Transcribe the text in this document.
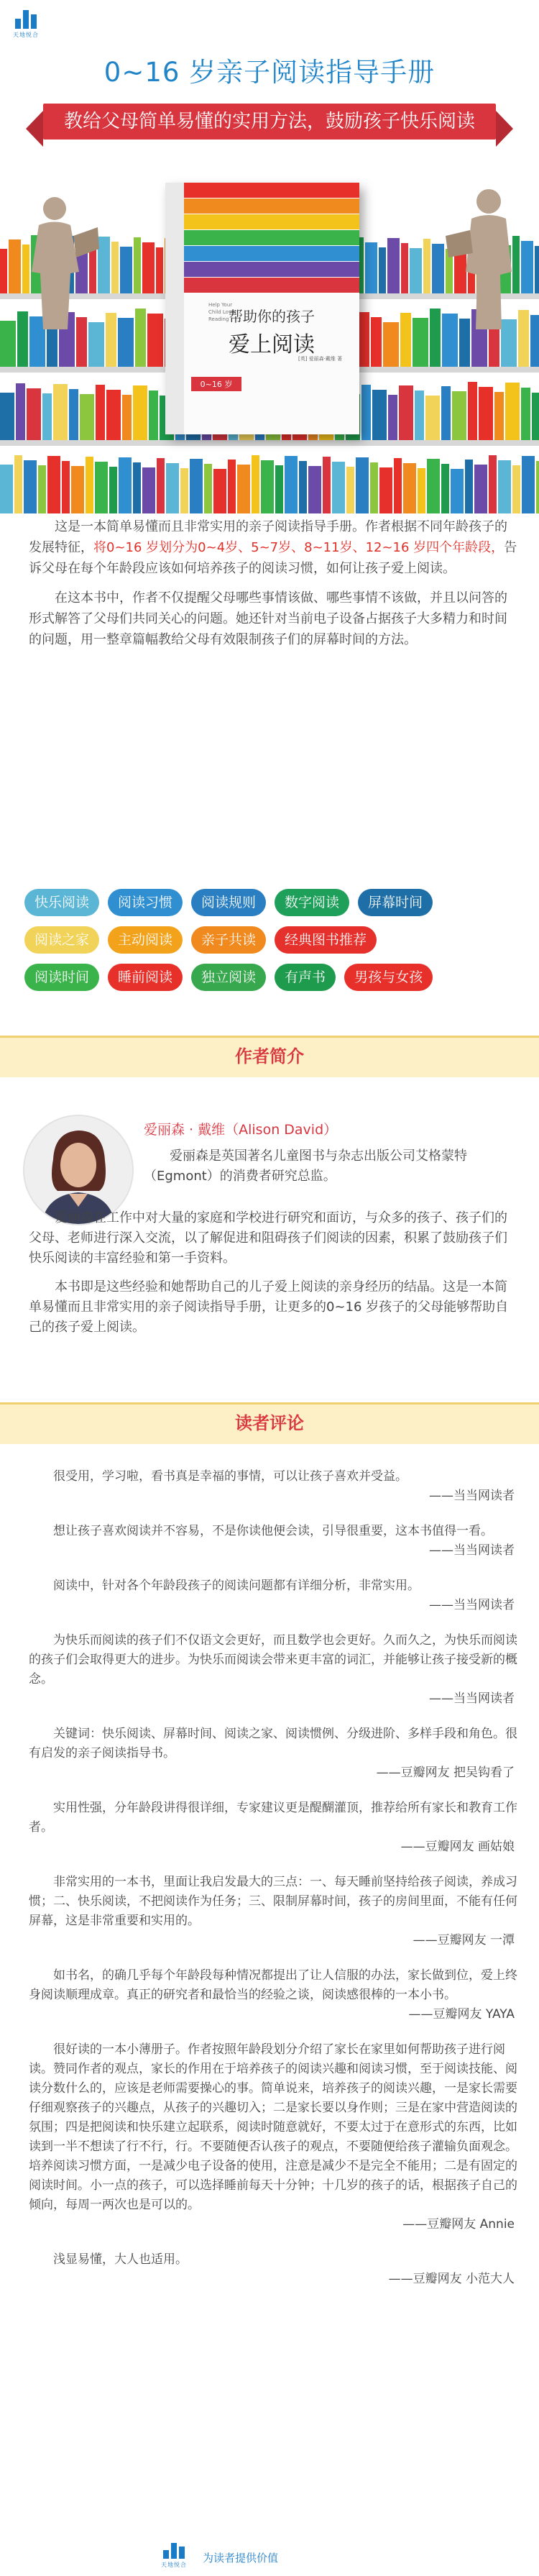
天地悦合
0~16 岁亲子阅读指导手册
教给父母简单易懂的实用方法，鼓励孩子快乐阅读
Help Your Child Love Reading 帮助你的孩子
爱上阅读
[英] 爱丽森·戴维 著
0~16 岁

这是一本简单易懂而且非常实用的亲子阅读指导手册。作者根据不同年龄孩子的发展特征，将0~16 岁划分为0~4岁、5~7岁、8~11岁、12~16 岁四个年龄段，告诉父母在每个年龄段应该如何培养孩子的阅读习惯，如何让孩子爱上阅读。

在这本书中，作者不仅提醒父母哪些事情该做、哪些事情不该做，并且以问答的形式解答了父母们共同关心的问题。她还针对当前电子设备占据孩子大多精力和时间的问题，用一整章篇幅教给父母有效限制孩子们的屏幕时间的方法。

快乐阅读	阅读习惯	阅读规则	数字阅读	屏幕时间
阅读之家	主动阅读	亲子共读	经典图书推荐
阅读时间	睡前阅读	独立阅读	有声书	男孩与女孩
作者简介
爱丽森 · 戴维（Alison David）
爱丽森是英国著名儿童图书与杂志出版公司艾格蒙特（Egmont）的消费者研究总监。

爱丽森在工作中对大量的家庭和学校进行研究和面访，与众多的孩子、孩子们的父母、老师进行深入交流，以了解促进和阻碍孩子们阅读的因素，积累了鼓励孩子们快乐阅读的丰富经验和第一手资料。

本书即是这些经验和她帮助自己的儿子爱上阅读的亲身经历的结晶。这是一本简单易懂而且非常实用的亲子阅读指导手册，让更多的0~16 岁孩子的父母能够帮助自己的孩子爱上阅读。

读者评论
很受用，学习啦，看书真是幸福的事情，可以让孩子喜欢并受益。
——当当网读者
想让孩子喜欢阅读并不容易，不是你读他便会读，引导很重要，这本书值得一看。
——当当网读者
阅读中，针对各个年龄段孩子的阅读问题都有详细分析，非常实用。
——当当网读者
为快乐而阅读的孩子们不仅语文会更好，而且数学也会更好。久而久之，为快乐而阅读的孩子们会取得更大的进步。为快乐而阅读会带来更丰富的词汇，并能够让孩子接受新的概念。
——当当网读者
关键词：快乐阅读、屏幕时间、阅读之家、阅读惯例、分级进阶、多样手段和角色。很有启发的亲子阅读指导书。
——豆瓣网友 把吴钩看了
实用性强，分年龄段讲得很详细，专家建议更是醍醐灌顶，推荐给所有家长和教育工作者。
——豆瓣网友 画姑娘
非常实用的一本书，里面让我启发最大的三点：一、每天睡前坚持给孩子阅读，养成习惯；二、快乐阅读，不把阅读作为任务；三、限制屏幕时间，孩子的房间里面，不能有任何屏幕，这是非常重要和实用的。
——豆瓣网友 一潭
如书名，的确几乎每个年龄段每种情况都提出了让人信服的办法，家长做到位，爱上终身阅读顺理成章。真正的研究者和最恰当的经验之谈，阅读感很棒的一本小书。
——豆瓣网友 YAYA
很好读的一本小薄册子。作者按照年龄段划分介绍了家长在家里如何帮助孩子进行阅读。赞同作者的观点，家长的作用在于培养孩子的阅读兴趣和阅读习惯，至于阅读技能、阅读分数什么的，应该是老师需要操心的事。简单说来，培养孩子的阅读兴趣，一是家长需要仔细观察孩子的兴趣点，从孩子的兴趣切入；二是家长要以身作则；三是在家中营造阅读的氛围；四是把阅读和快乐建立起联系，阅读时随意就好，不要太过于在意形式的东西，比如读到一半不想读了行不行，行。不要随便否认孩子的观点，不要随便给孩子灌输负面观念。培养阅读习惯方面，一是减少电子设备的使用，注意是减少不是完全不能用；二是有固定的阅读时间。小一点的孩子，可以选择睡前每天十分钟；十几岁的孩子的话，根据孩子自己的倾向，每周一两次也是可以的。
——豆瓣网友 Annie
浅显易懂，大人也适用。
——豆瓣网友 小范大人
天地悦合
为读者提供价值
